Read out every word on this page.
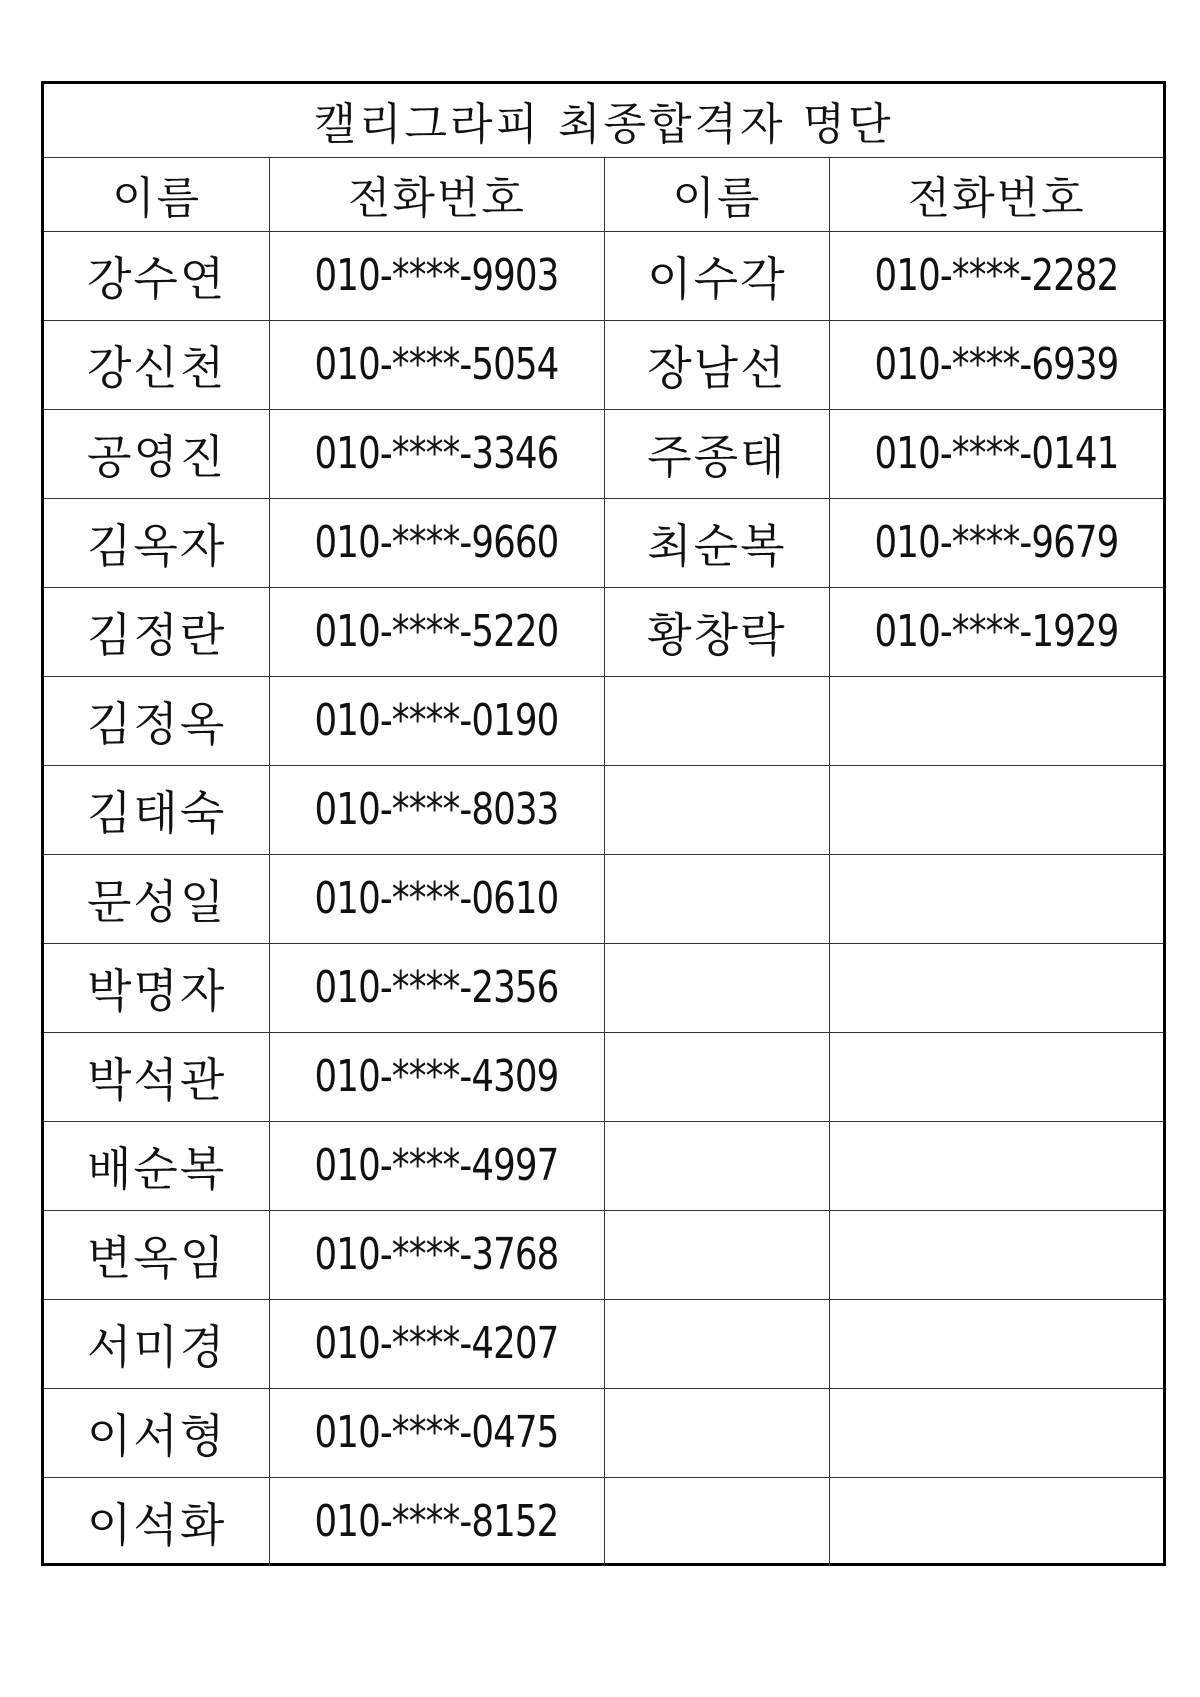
캘리그라피 최종합격자 명단			
이름	전화번호	이름	전화번호
강수연	010-****-9903	이수각	010-****-2282
강신천	010-****-5054	장남선	010-****-6939
공영진	010-****-3346	주종태	010-****-0141
김옥자	010-****-9660	최순복	010-****-9679
김정란	010-****-5220	황창락	010-****-1929
김정옥	010-****-0190		
김태숙	010-****-8033		
문성일	010-****-0610		
박명자	010-****-2356		
박석관	010-****-4309		
배순복	010-****-4997		
변옥임	010-****-3768		
서미경	010-****-4207		
이서형	010-****-0475		
이석화	010-****-8152		
